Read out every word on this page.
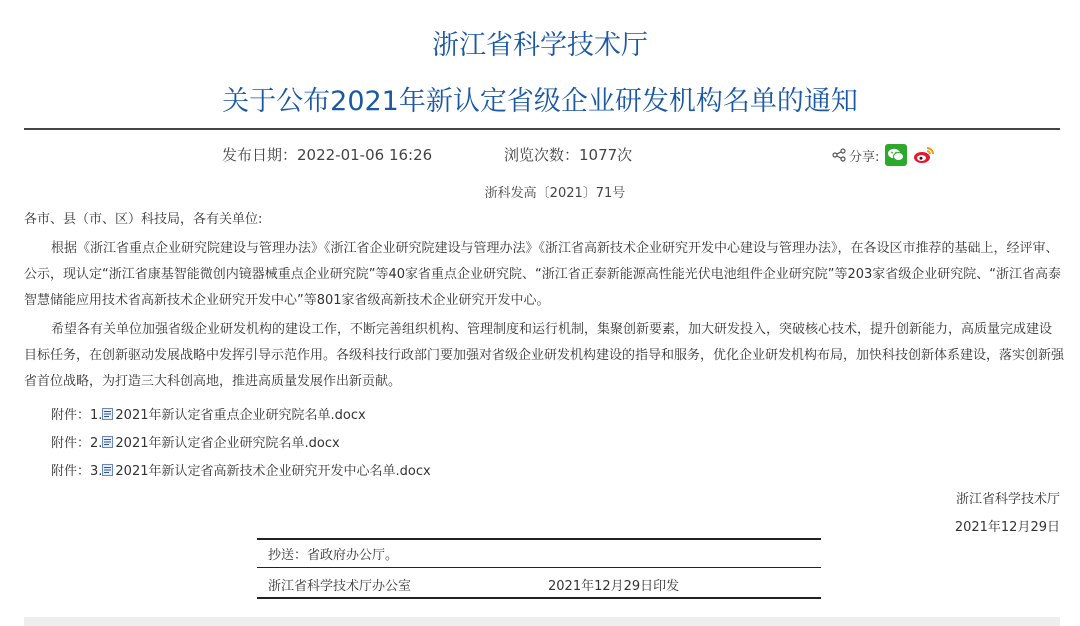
浙江省科学技术厅
关于公布2021年新认定省级企业研发机构名单的通知
发布日期：2022-01-06 16:26	浏览次数：1077次	分享:
浙科发高〔2021〕71号
各市、县（市、区）科技局，各有关单位:
根据《浙江省重点企业研究院建设与管理办法》《浙江省企业研究院建设与管理办法》《浙江省高新技术企业研究开发中心建设与管理办法》，在各设区市推荐的基础上，经评审、公示，现认定“浙江省康基智能微创内镜器械重点企业研究院”等40家省重点企业研究院、“浙江省正泰新能源高性能光伏电池组件企业研究院”等203家省级企业研究院、“浙江省高泰智慧储能应用技术省高新技术企业研究开发中心”等801家省级高新技术企业研究开发中心。
希望各有关单位加强省级企业研发机构的建设工作，不断完善组织机构、管理制度和运行机制，集聚创新要素，加大研发投入，突破核心技术，提升创新能力，高质量完成建设目标任务，在创新驱动发展战略中发挥引导示范作用。各级科技行政部门要加强对省级企业研发机构建设的指导和服务，优化企业研发机构布局，加快科技创新体系建设，落实创新强省首位战略，为打造三大科创高地，推进高质量发展作出新贡献。
附件：1. 2021年新认定省重点企业研究院名单.docx
附件：2. 2021年新认定省企业研究院名单.docx
附件：3. 2021年新认定省高新技术企业研究开发中心名单.docx
浙江省科学技术厅
2021年12月29日
抄送：省政府办公厅。
浙江省科学技术厅办公室	2021年12月29日印发
